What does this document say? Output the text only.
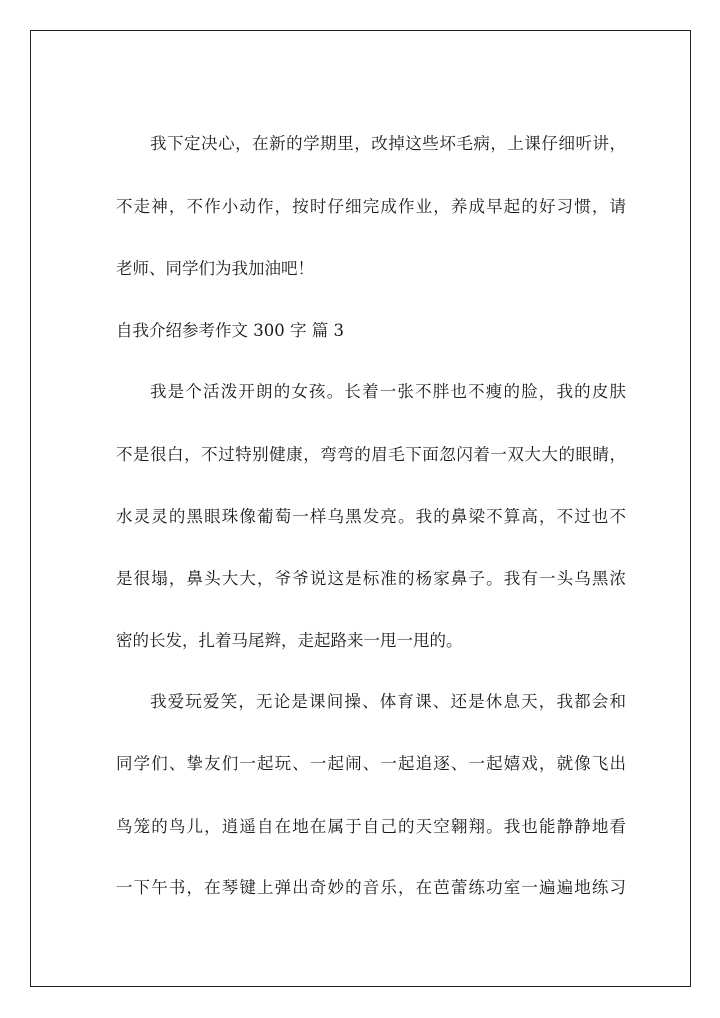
我下定决心，在新的学期里，改掉这些坏毛病，上课仔细听讲，
不走神，不作小动作，按时仔细完成作业，养成早起的好习惯，请
老师、同学们为我加油吧！
自我介绍参考作文 300 字 篇 3
我是个活泼开朗的女孩。长着一张不胖也不瘦的脸，我的皮肤
不是很白，不过特别健康，弯弯的眉毛下面忽闪着一双大大的眼睛，
水灵灵的黑眼珠像葡萄一样乌黑发亮。我的鼻梁不算高，不过也不
是很塌，鼻头大大，爷爷说这是标准的杨家鼻子。我有一头乌黑浓
密的长发，扎着马尾辫，走起路来一甩一甩的。
我爱玩爱笑，无论是课间操、体育课、还是休息天，我都会和
同学们、挚友们一起玩、一起闹、一起追逐、一起嬉戏，就像飞出
鸟笼的鸟儿，逍遥自在地在属于自己的天空翱翔。我也能静静地看
一下午书，在琴键上弹出奇妙的音乐，在芭蕾练功室一遍遍地练习
